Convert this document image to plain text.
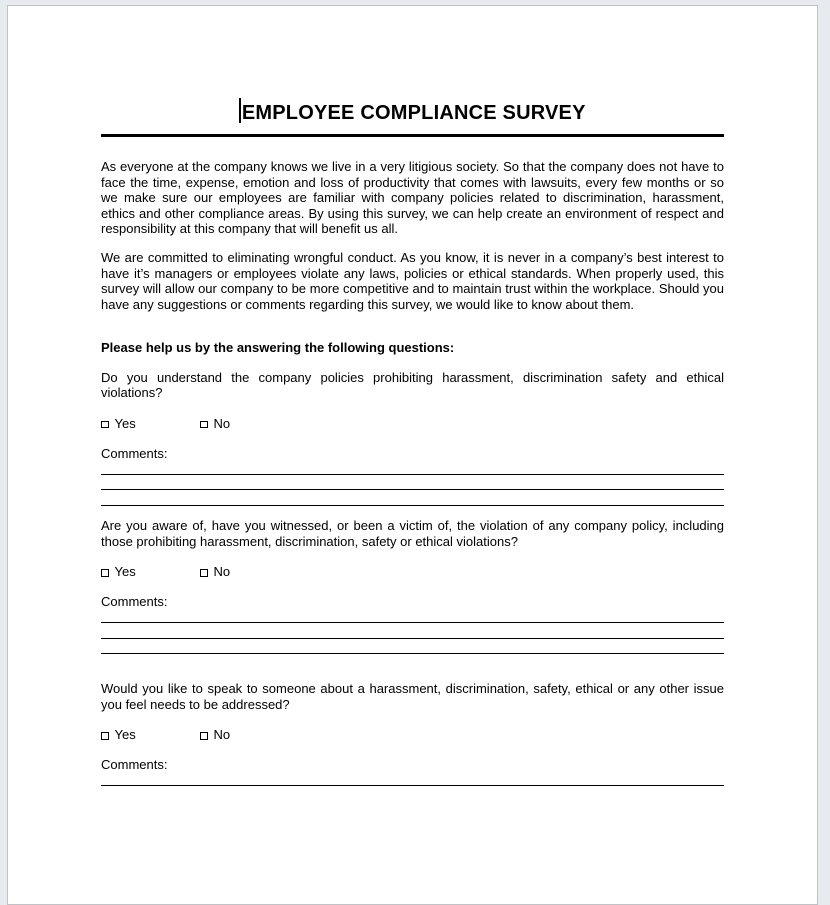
EMPLOYEE COMPLIANCE SURVEY

As everyone at the company knows we live in a very litigious society. So that the company does not have to face the time, expense, emotion and loss of productivity that comes with lawsuits, every few months or so we make sure our employees are familiar with company policies related to discrimination, harassment, ethics and other compliance areas. By using this survey, we can help create an environment of respect and responsibility at this company that will benefit us all.

We are committed to eliminating wrongful conduct. As you know, it is never in a company’s best interest to have it’s managers or employees violate any laws, policies or ethical standards. When properly used, this survey will allow our company to be more competitive and to maintain trust within the workplace. Should you have any suggestions or comments regarding this survey, we would like to know about them.

Please help us by the answering the following questions:

Do you understand the company policies prohibiting harassment, discrimination safety and ethical violations?

Yes	No

Comments:

Are you aware of, have you witnessed, or been a victim of, the violation of any company policy, including those prohibiting harassment, discrimination, safety or ethical violations?

Yes	No

Comments:

Would you like to speak to someone about a harassment, discrimination, safety, ethical or any other issue you feel needs to be addressed?

Yes	No

Comments:
